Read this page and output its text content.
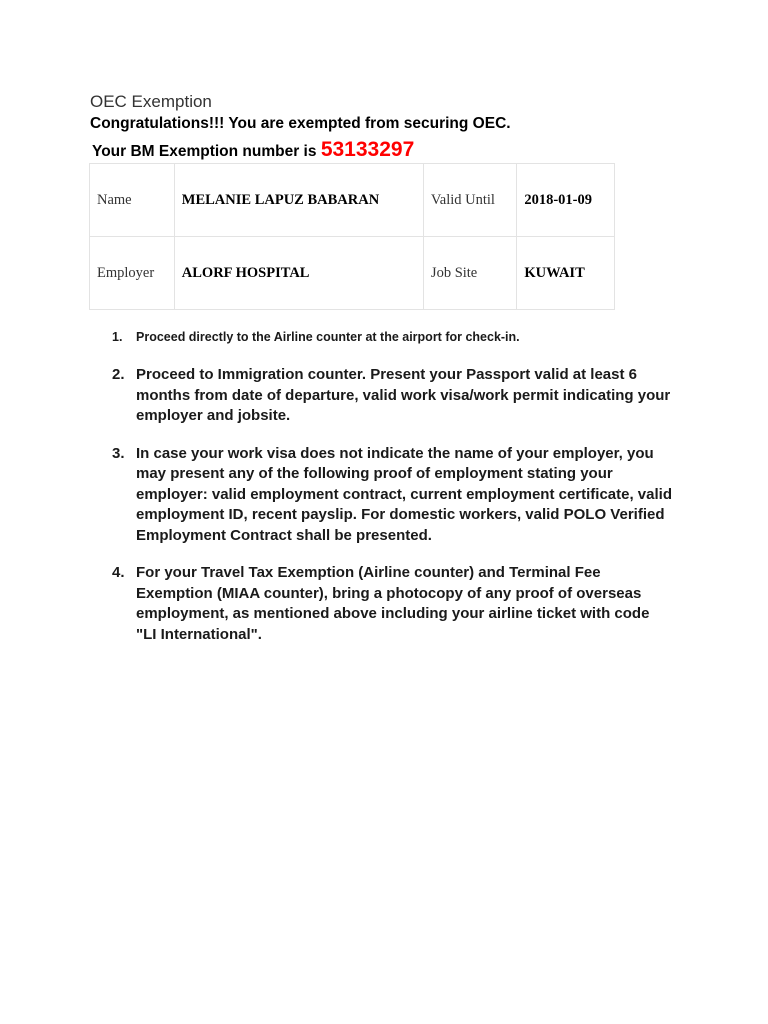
OEC Exemption

Congratulations!!! You are exempted from securing OEC.

Your BM Exemption number is 53133297

Name	MELANIE LAPUZ BABARAN	Valid Until	2018-01-09
Employer	ALORF HOSPITAL	Job Site	KUWAIT
1. Proceed directly to the Airline counter at the airport for check-in.
2. Proceed to Immigration counter. Present your Passport valid at least 6 months from date of departure, valid work visa/work permit indicating your employer and jobsite.
3. In case your work visa does not indicate the name of your employer, you may present any of the following proof of employment stating your employer: valid employment contract, current employment certificate, valid employment ID, recent payslip. For domestic workers, valid POLO Verified Employment Contract shall be presented.
4. For your Travel Tax Exemption (Airline counter) and Terminal Fee Exemption (MIAA counter), bring a photocopy of any proof of overseas employment, as mentioned above including your airline ticket with code "LI International".
